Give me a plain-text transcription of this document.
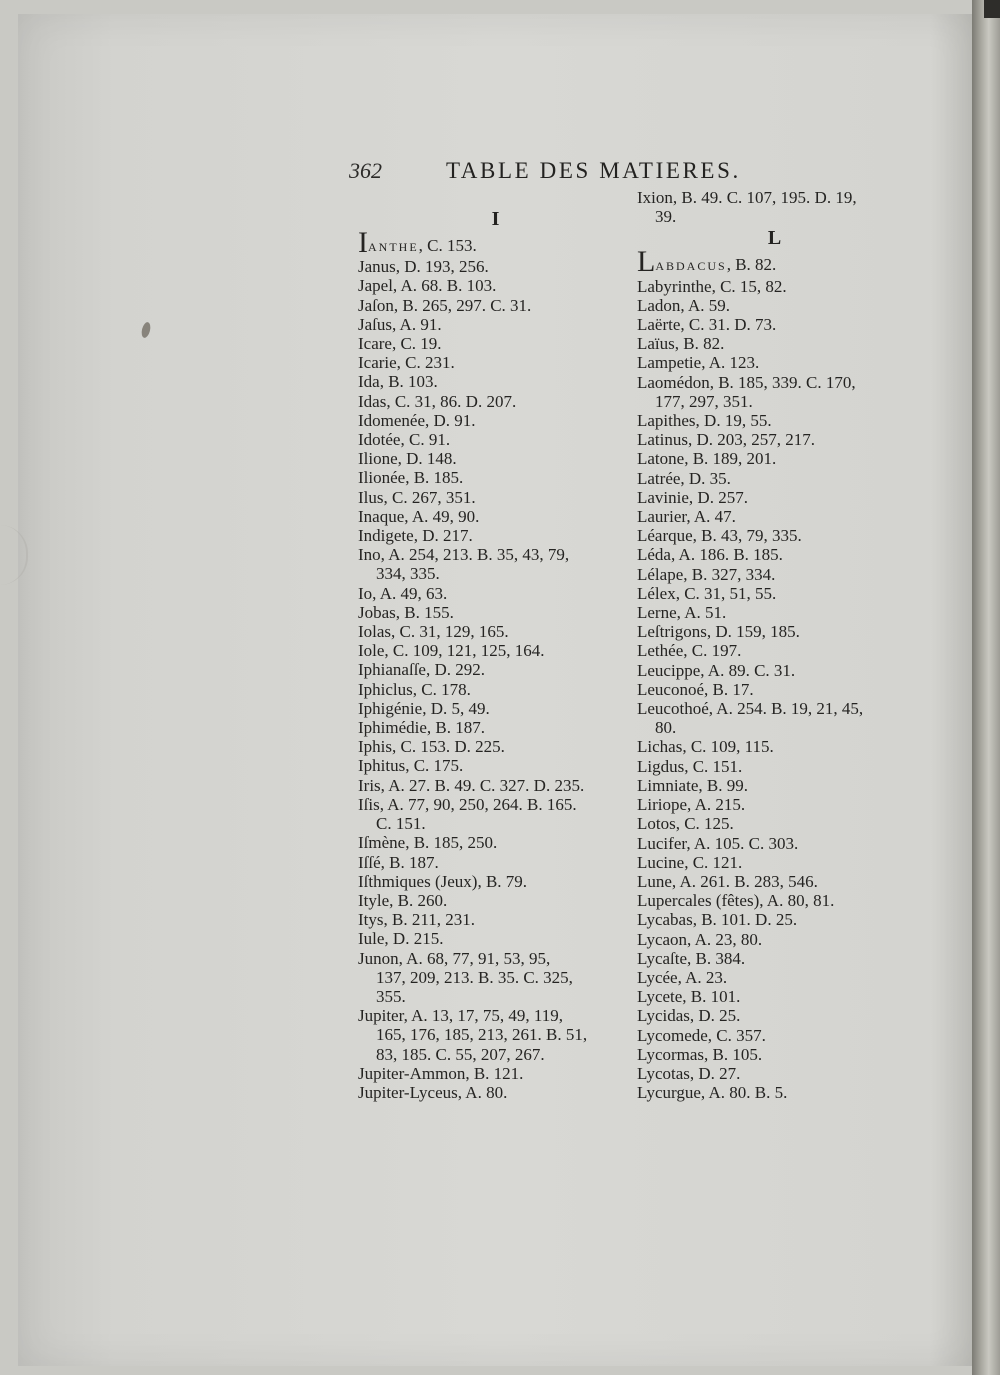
362	TABLE DES MATIERES.
I
IANTHE, C. 153.
Janus, D. 193, 256.
Japel, A. 68. B. 103.
Jaſon, B. 265, 297. C. 31.
Jaſus, A. 91.
Icare, C. 19.
Icarie, C. 231.
Ida, B. 103.
Idas, C. 31, 86. D. 207.
Idomenée, D. 91.
Idotée, C. 91.
Ilione, D. 148.
Ilionée, B. 185.
Ilus, C. 267, 351.
Inaque, A. 49, 90.
Indigete, D. 217.
Ino, A. 254, 213. B. 35, 43, 79,
334, 335.
Io, A. 49, 63.
Jobas, B. 155.
Iolas, C. 31, 129, 165.
Iole, C. 109, 121, 125, 164.
Iphianaſſe, D. 292.
Iphiclus, C. 178.
Iphigénie, D. 5, 49.
Iphimédie, B. 187.
Iphis, C. 153. D. 225.
Iphitus, C. 175.
Iris, A. 27. B. 49. C. 327. D. 235.
Iſis, A. 77, 90, 250, 264. B. 165.
C. 151.
Iſmène, B. 185, 250.
Iſſé, B. 187.
Iſthmiques (Jeux), B. 79.
Ityle, B. 260.
Itys, B. 211, 231.
Iule, D. 215.
Junon, A. 68, 77, 91, 53, 95,
137, 209, 213. B. 35. C. 325,
355.
Jupiter, A. 13, 17, 75, 49, 119,
165, 176, 185, 213, 261. B. 51,
83, 185. C. 55, 207, 267.
Jupiter-Ammon, B. 121.
Jupiter-Lyceus, A. 80.
Ixion, B. 49. C. 107, 195. D. 19,
39.
L
LABDACUS, B. 82.
Labyrinthe, C. 15, 82.
Ladon, A. 59.
Laërte, C. 31. D. 73.
Laïus, B. 82.
Lampetie, A. 123.
Laomédon, B. 185, 339. C. 170,
177, 297, 351.
Lapithes, D. 19, 55.
Latinus, D. 203, 257, 217.
Latone, B. 189, 201.
Latrée, D. 35.
Lavinie, D. 257.
Laurier, A. 47.
Léarque, B. 43, 79, 335.
Léda, A. 186. B. 185.
Lélape, B. 327, 334.
Lélex, C. 31, 51, 55.
Lerne, A. 51.
Leſtrigons, D. 159, 185.
Lethée, C. 197.
Leucippe, A. 89. C. 31.
Leuconoé, B. 17.
Leucothoé, A. 254. B. 19, 21, 45,
80.
Lichas, C. 109, 115.
Ligdus, C. 151.
Limniate, B. 99.
Liriope, A. 215.
Lotos, C. 125.
Lucifer, A. 105. C. 303.
Lucine, C. 121.
Lune, A. 261. B. 283, 546.
Lupercales (fêtes), A. 80, 81.
Lycabas, B. 101. D. 25.
Lycaon, A. 23, 80.
Lycaſte, B. 384.
Lycée, A. 23.
Lycete, B. 101.
Lycidas, D. 25.
Lycomede, C. 357.
Lycormas, B. 105.
Lycotas, D. 27.
Lycurgue, A. 80. B. 5.
